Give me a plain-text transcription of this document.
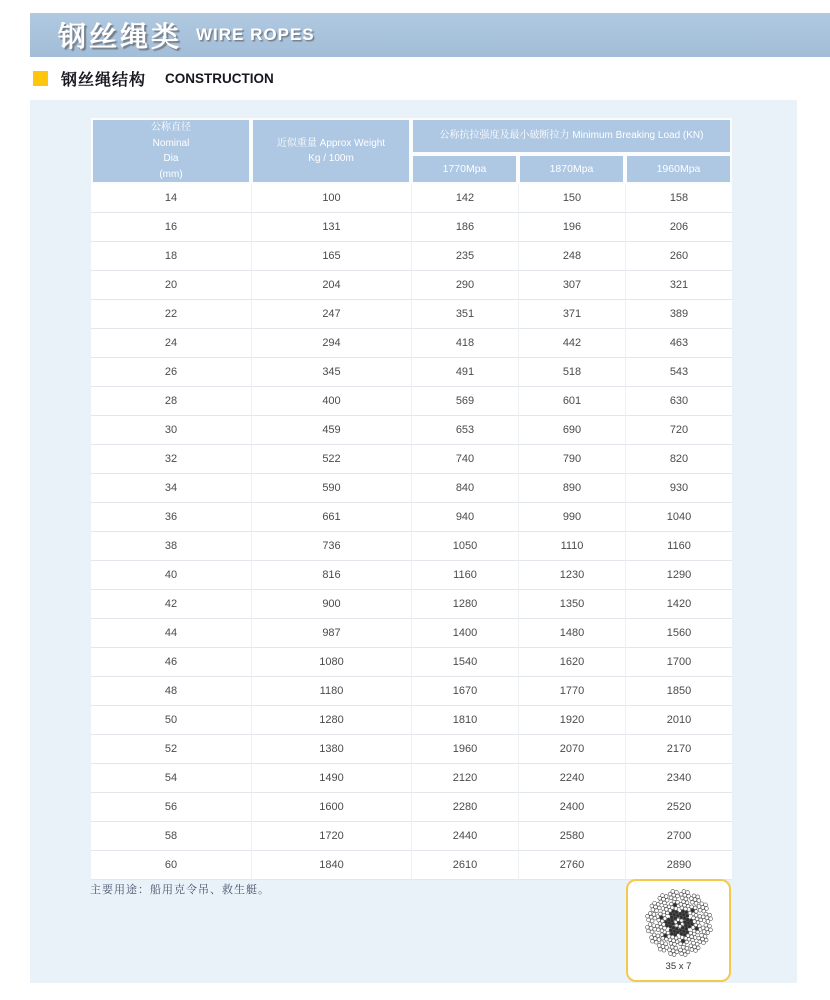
钢丝绳类 WIRE ROPES
钢丝绳结构 CONSTRUCTION
公称直径
Nominal
Dia
(mm)

近似重量 Approx Weight
Kg / 100m
	公称抗拉强度及最小破断拉力 Minimum Breaking Load (KN)
		1770Mpa	1870Mpa	1960Mpa
14	100	142	150	158
16	131	186	196	206
18	165	235	248	260
20	204	290	307	321
22	247	351	371	389
24	294	418	442	463
26	345	491	518	543
28	400	569	601	630
30	459	653	690	720
32	522	740	790	820
34	590	840	890	930
36	661	940	990	1040
38	736	1050	1110	1160
40	816	1160	1230	1290
42	900	1280	1350	1420
44	987	1400	1480	1560
46	1080	1540	1620	1700
48	1180	1670	1770	1850
50	1280	1810	1920	2010
52	1380	1960	2070	2170
54	1490	2120	2240	2340
56	1600	2280	2400	2520
58	1720	2440	2580	2700
60	1840	2610	2760	2890
主要用途：船用克令吊、救生艇。
35 x 7
